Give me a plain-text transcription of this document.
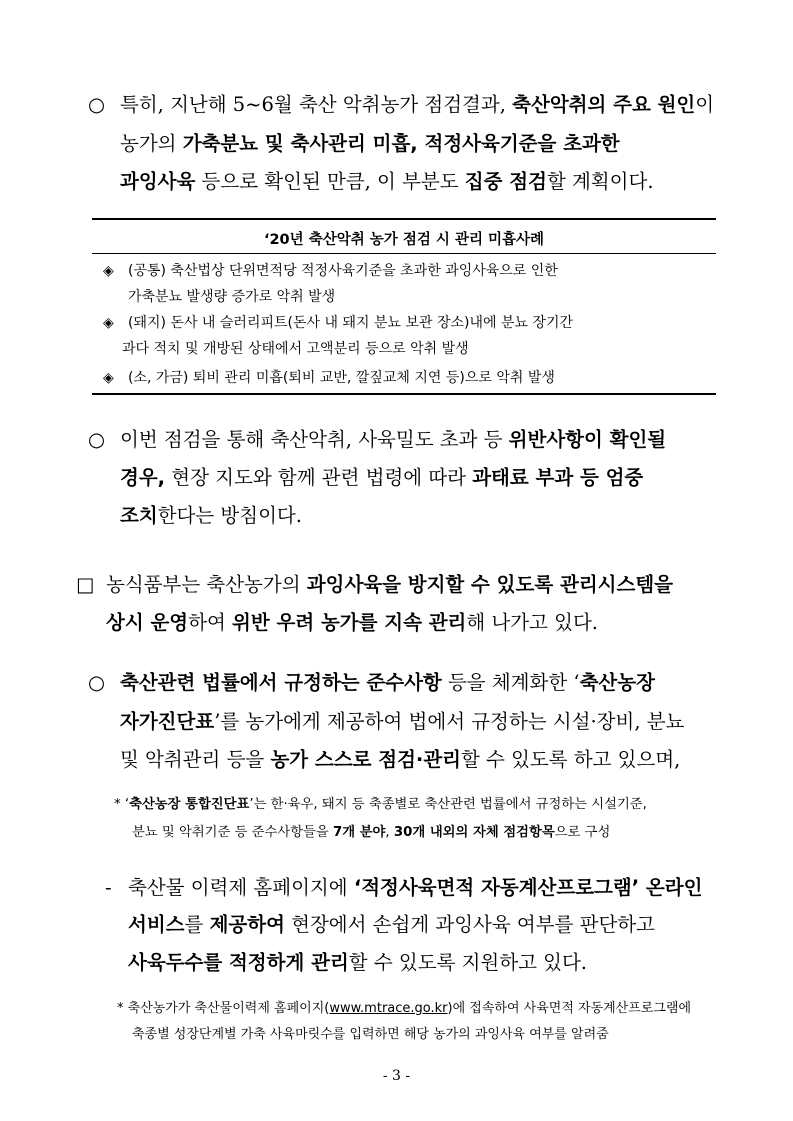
○ 특히, 지난해 5~6월 축산 악취농가 점검결과, 축산악취의 주요 원인이
농가의 가축분뇨 및 축사관리 미흡, 적정사육기준을 초과한
과잉사육 등으로 확인된 만큼, 이 부분도 집중 점검할 계획이다.
‘20년 축산악취 농가 점검 시 관리 미흡사례
◈ (공통) 축산법상 단위면적당 적정사육기준을 초과한 과잉사육으로 인한
가축분뇨 발생량 증가로 악취 발생
◈ (돼지) 돈사 내 슬러리피트(돈사 내 돼지 분뇨 보관 장소)내에 분뇨 장기간
과다 적치 및 개방된 상태에서 고액분리 등으로 악취 발생
◈ (소, 가금) 퇴비 관리 미흡(퇴비 교반, 깔짚교체 지연 등)으로 악취 발생
○ 이번 점검을 통해 축산악취, 사육밀도 초과 등 위반사항이 확인될
경우, 현장 지도와 함께 관련 법령에 따라 과태료 부과 등 엄중
조치한다는 방침이다.
□ 농식품부는 축산농가의 과잉사육을 방지할 수 있도록 관리시스템을
상시 운영하여 위반 우려 농가를 지속 관리해 나가고 있다.
○ 축산관련 법률에서 규정하는 준수사항 등을 체계화한 ‘축산농장
자가진단표’를 농가에게 제공하여 법에서 규정하는 시설·장비, 분뇨
및 악취관리 등을 농가 스스로 점검·관리할 수 있도록 하고 있으며,
* ‘축산농장 통합진단표’는 한·육우, 돼지 등 축종별로 축산관련 법률에서 규정하는 시설기준,
분뇨 및 악취기준 등 준수사항들을 7개 분야, 30개 내외의 자체 점검항목으로 구성
- 축산물 이력제 홈페이지에 ‘적정사육면적 자동계산프로그램’ 온라인
서비스를 제공하여 현장에서 손쉽게 과잉사육 여부를 판단하고
사육두수를 적정하게 관리할 수 있도록 지원하고 있다.
* 축산농가가 축산물이력제 홈페이지(www.mtrace.go.kr)에 접속하여 사육면적 자동계산프로그램에
축종별 성장단계별 가축 사육마릿수를 입력하면 해당 농가의 과잉사육 여부를 알려줌
- 3 -
